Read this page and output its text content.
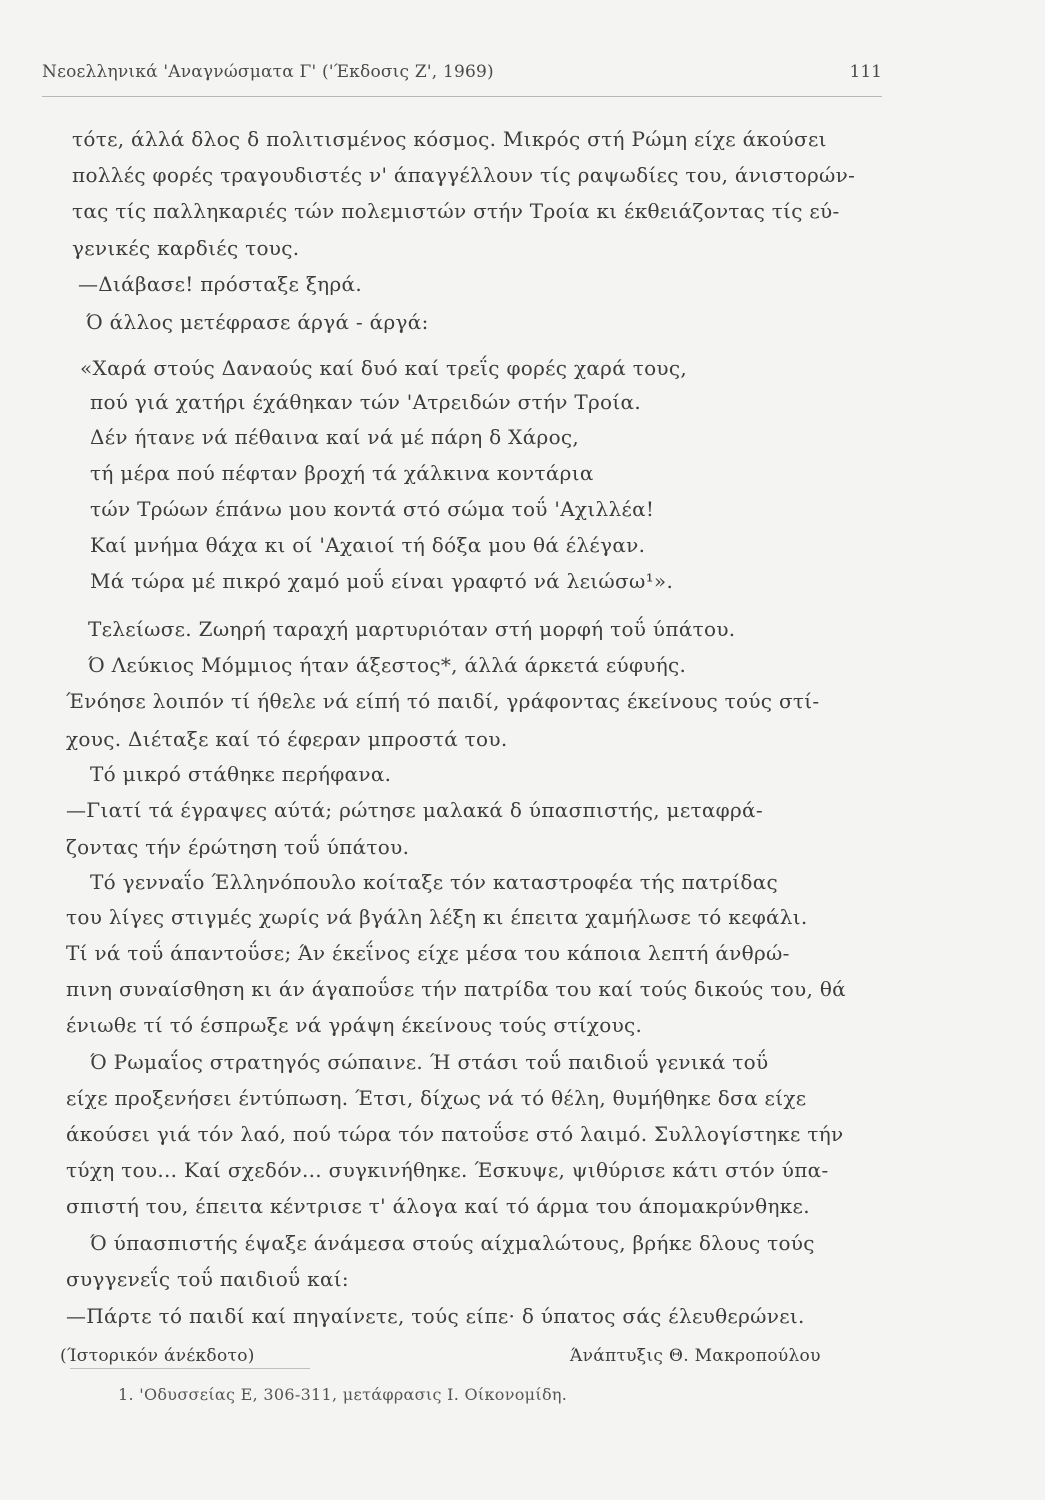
Νεοελληνικά 'Αναγνώσματα Γ' ('Έκδοσις Ζ', 1969)	111
τότε, άλλά δλος δ πολιτισμένος κόσμος. Μικρός στή Ρώμη είχε άκούσει
πολλές φορές τραγουδιστές ν' άπαγγέλλουν τίς ραψωδίες του, άνιστορών-
τας τίς παλληκαριές τών πολεμιστών στήν Τροία κι έκθειάζοντας τίς εύ-
γενικές καρδιές τους.
—Διάβασε! πρόσταξε ξηρά.
Ό άλλος μετέφρασε άργά - άργά:
«Χαρά στούς Δαναούς καί δυό καί τρεΐς φορές χαρά τους,
πού γιά χατήρι έχάθηκαν τών 'Ατρειδών στήν Τροία.
Δέν ήτανε νά πέθαινα καί νά μέ πάρη δ Χάρος,
τή μέρα πού πέφταν βροχή τά χάλκινα κοντάρια
τών Τρώων έπάνω μου κοντά στό σώμα τοΰ 'Αχιλλέα!
Καί μνήμα θάχα κι οί 'Αχαιοί τή δόξα μου θά έλέγαν.
Μά τώρα μέ πικρό χαμό μοΰ είναι γραφτό νά λειώσω¹».
Τελείωσε. Ζωηρή ταραχή μαρτυριόταν στή μορφή τοΰ ύπάτου.
Ό Λεύκιος Μόμμιος ήταν άξεστος*, άλλά άρκετά εύφυής.
Ένόησε λοιπόν τί ήθελε νά είπή τό παιδί, γράφοντας έκείνους τούς στί-
χους. Διέταξε καί τό έφεραν μπροστά του.
Τό μικρό στάθηκε περήφανα.
—Γιατί τά έγραψες αύτά; ρώτησε μαλακά δ ύπασπιστής, μεταφρά-
ζοντας τήν έρώτηση τοΰ ύπάτου.
Τό γενναΐο Έλληνόπουλο κοίταξε τόν καταστροφέα τής πατρίδας
του λίγες στιγμές χωρίς νά βγάλη λέξη κι έπειτα χαμήλωσε τό κεφάλι.
Τί νά τοΰ άπαντοΰσε; Άν έκεΐνος είχε μέσα του κάποια λεπτή άνθρώ-
πινη συναίσθηση κι άν άγαποΰσε τήν πατρίδα του καί τούς δικούς του, θά
ένιωθε τί τό έσπρωξε νά γράψη έκείνους τούς στίχους.
Ό Ρωμαΐος στρατηγός σώπαινε. Ή στάσι τοΰ παιδιοΰ γενικά τοΰ
είχε προξενήσει έντύπωση. Έτσι, δίχως νά τό θέλη, θυμήθηκε δσα είχε
άκούσει γιά τόν λαό, πού τώρα τόν πατοΰσε στό λαιμό. Συλλογίστηκε τήν
τύχη του... Καί σχεδόν... συγκινήθηκε. Έσκυψε, ψιθύρισε κάτι στόν ύπα-
σπιστή του, έπειτα κέντρισε τ' άλογα καί τό άρμα του άπομακρύνθηκε.
Ό ύπασπιστής έψαξε άνάμεσα στούς αίχμαλώτους, βρήκε δλους τούς
συγγενεΐς τοΰ παιδιοΰ καί:
—Πάρτε τό παιδί καί πηγαίνετε, τούς είπε· δ ύπατος σάς έλευθερώνει.
(Ίστορικόν άνέκδοτο)	Άνάπτυξις Θ. Μακροπούλου
1. 'Οδυσσείας Ε, 306-311, μετάφρασις Ι. Οίκονομίδη.
